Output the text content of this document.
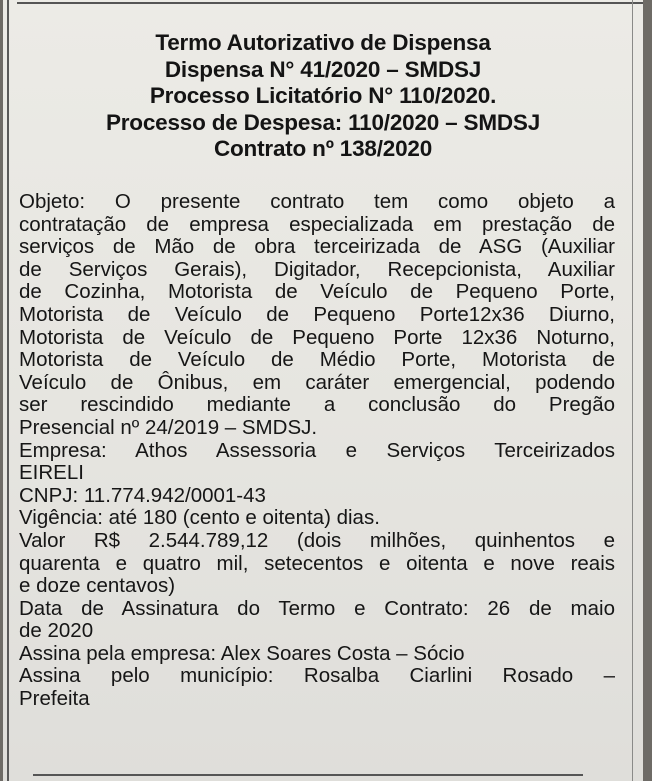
Termo Autorizativo de Dispensa
Dispensa N° 41/2020 – SMDSJ
Processo Licitatório N° 110/2020.
Processo de Despesa: 110/2020 – SMDSJ
Contrato nº 138/2020
Objeto: O presente contrato tem como objeto a
contratação de empresa especializada em prestação de
serviços de Mão de obra terceirizada de ASG (Auxiliar
de Serviços Gerais), Digitador, Recepcionista, Auxiliar
de Cozinha, Motorista de Veículo de Pequeno Porte,
Motorista de Veículo de Pequeno Porte12x36 Diurno,
Motorista de Veículo de Pequeno Porte 12x36 Noturno,
Motorista de Veículo de Médio Porte, Motorista de
Veículo de Ônibus, em caráter emergencial, podendo
ser rescindido mediante a conclusão do Pregão
Presencial nº 24/2019 – SMDSJ.
Empresa: Athos Assessoria e Serviços Terceirizados
EIRELI
CNPJ: 11.774.942/0001-43
Vigência: até 180 (cento e oitenta) dias.
Valor R$ 2.544.789,12 (dois milhões, quinhentos e
quarenta e quatro mil, setecentos e oitenta e nove reais
e doze centavos)
Data de Assinatura do Termo e Contrato: 26 de maio
de 2020
Assina pela empresa: Alex Soares Costa – Sócio
Assina pelo município: Rosalba Ciarlini Rosado –
Prefeita
